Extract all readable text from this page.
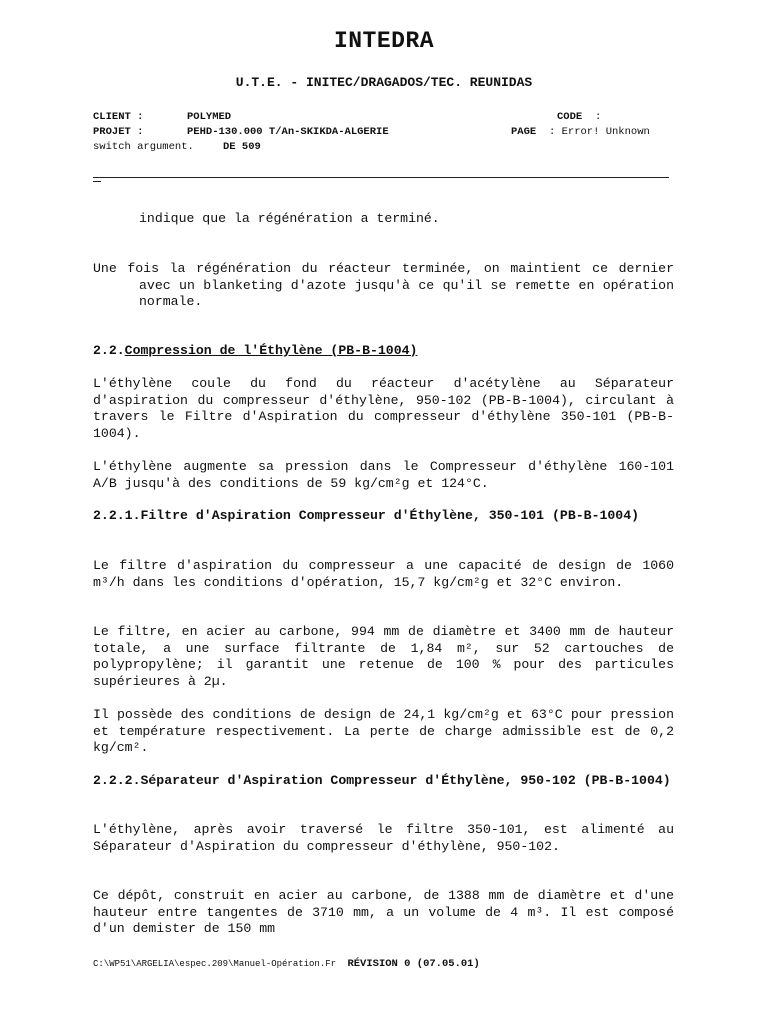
INTEDRA
U.T.E. - INITEC/DRAGADOS/TEC. REUNIDAS
CLIENT :	POLYMED	CODE :
PROJET :	PEHD-130.000 T/An-SKIKDA-ALGERIE	PAGE : Error! Unknown
switch argument.	DE 509

indique que la régénération a terminé.

Une fois la régénération du réacteur terminée, on maintient ce dernier avec un blanketing d'azote jusqu'à ce qu'il se remette en opération normale.

2.2.Compression de l'Éthylène (PB-B-1004)

L'éthylène coule du fond du réacteur d'acétylène au Séparateur d'aspiration du compresseur d'éthylène, 950-102 (PB-B-1004), circulant à travers le Filtre d'Aspiration du compresseur d'éthylène 350-101 (PB-B-1004).

L'éthylène augmente sa pression dans le Compresseur d'éthylène 160-101 A/B jusqu'à des conditions de 59 kg/cm²g et 124°C.

2.2.1.Filtre d'Aspiration Compresseur d'Éthylène, 350-101 (PB-B-1004)

Le filtre d'aspiration du compresseur a une capacité de design de 1060 m³/h dans les conditions d'opération, 15,7 kg/cm²g et 32°C environ.

Le filtre, en acier au carbone, 994 mm de diamètre et 3400 mm de hauteur totale, a une surface filtrante de 1,84 m², sur 52 cartouches de polypropylène; il garantit une retenue de 100 % pour des particules supérieures à 2µ.

Il possède des conditions de design de 24,1 kg/cm²g et 63°C pour pression et température respectivement. La perte de charge admissible est de 0,2 kg/cm².

2.2.2.Séparateur d'Aspiration Compresseur d'Éthylène, 950-102 (PB-B-1004)

L'éthylène, après avoir traversé le filtre 350-101, est alimenté au Séparateur d'Aspiration du compresseur d'éthylène, 950-102.

Ce dépôt, construit en acier au carbone, de 1388 mm de diamètre et d'une hauteur entre tangentes de 3710 mm, a un volume de 4 m³. Il est composé d'un demister de 150 mm

C:\WP51\ARGELIA\espec.209\Manuel-Opération.Fr RÉVISION 0 (07.05.01)
